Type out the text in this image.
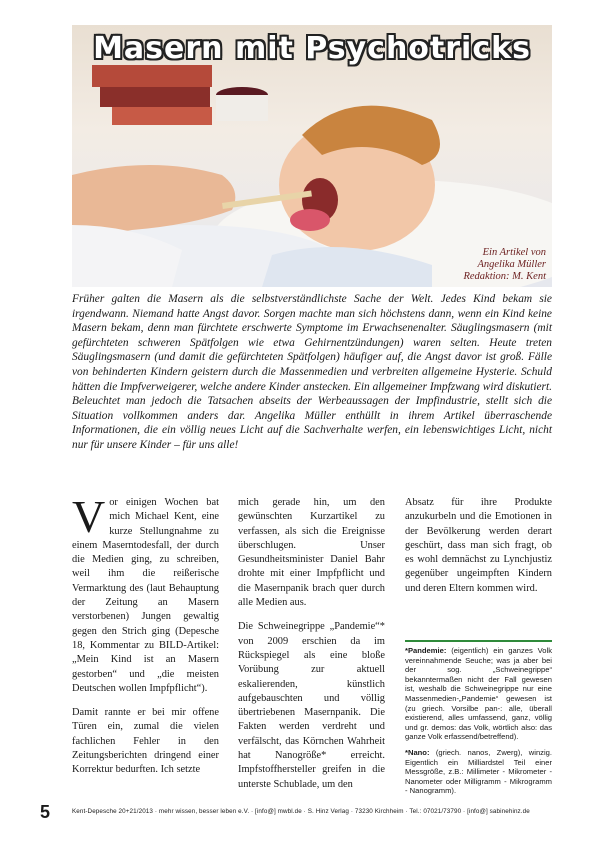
Masern mit Psychotricks
Ein Artikel von
Angelika Müller
Redaktion: M. Kent
Früher galten die Masern als die selbstverständlichste Sache der Welt. Jedes Kind bekam sie irgendwann. Niemand hatte Angst davor. Sorgen machte man sich höchstens dann, wenn ein Kind keine Masern bekam, denn man fürchtete erschwerte Symptome im Erwachsenenalter. Säuglingsmasern (mit gefürchteten schweren Spätfolgen wie etwa Gehirnentzündungen) waren selten. Heute treten Säuglingsmasern (und damit die gefürchteten Spätfolgen) häufiger auf, die Angst davor ist groß. Fälle von behinderten Kindern geistern durch die Massenmedien und verbreiten allgemeine Hysterie. Schuld hätten die Impfverweigerer, welche andere Kinder anstecken. Ein allgemeiner Impfzwang wird diskutiert. Beleuchtet man jedoch die Tatsachen abseits der Werbeaussagen der Impfindustrie, stellt sich die Situation vollkommen anders dar. Angelika Müller enthüllt in ihrem Artikel überraschende Informationen, die ein völlig neues Licht auf die Sachverhalte werfen, ein lebenswichtiges Licht, nicht nur für unsere Kinder – für uns alle!

Vor einigen Wochen bat mich Michael Kent, eine kurze Stellungnahme zu einem Maserntodesfall, der durch die Medien ging, zu schreiben, weil ihm die reißerische Vermarktung des (laut Behauptung der Zeitung an Masern verstorbenen) Jungen gewaltig gegen den Strich ging (Depesche 18, Kommentar zu BILD-Artikel: „Mein Kind ist an Masern gestorben“ und „die meisten Deutschen wollen Impfpflicht“).

Damit rannte er bei mir offene Türen ein, zumal die vielen fachlichen Fehler in den Zeitungsberichten dringend einer Korrektur bedurften. Ich setzte

mich gerade hin, um den gewünschten Kurzartikel zu verfassen, als sich die Ereignisse überschlugen. Unser Gesundheitsminister Daniel Bahr drohte mit einer Impfpflicht und die Masernpanik brach quer durch alle Medien aus.

Die Schweinegrippe „Pandemie“* von 2009 erschien da im Rückspiegel als eine bloße Vorübung zur aktuell eskalierenden, künstlich aufgebauschten und völlig übertriebenen Masernpanik. Die Fakten werden verdreht und verfälscht, das Körnchen Wahrheit hat Nanogröße* erreicht. Impfstoffhersteller greifen in die unterste Schublade, um den

Absatz für ihre Produkte anzukurbeln und die Emotionen in der Bevölkerung werden derart geschürt, dass man sich fragt, ob es wohl demnächst zu Lynchjustiz gegenüber ungeimpften Kindern und deren Eltern kommen wird.

*Pandemie: (eigentlich) ein ganzes Volk vereinnahmende Seuche; was ja aber bei der sog. „Schweinegrippe“ bekanntermaßen nicht der Fall gewesen ist, weshalb die Schweinegrippe nur eine Massenmedien-„Pandemie“ gewesen ist (zu griech. Vorsilbe pan-: alle, überall existierend, alles umfassend, ganz, völlig und gr. demos: das Volk, wörtlich also: das ganze Volk erfassend/betreffend).

*Nano: (griech. nanos, Zwerg), winzig. Eigentlich ein Milliardstel Teil einer Messgröße, z.B.: Millimeter - Mikrometer - Nanometer oder Milligramm - Mikrogramm - Nanogramm).

5	Kent-Depesche 20+21/2013 · mehr wissen, besser leben e.V. · [info@] mwbl.de · S. Hinz Verlag · 73230 Kirchheim · Tel.: 07021/73790 · [info@] sabinehinz.de
